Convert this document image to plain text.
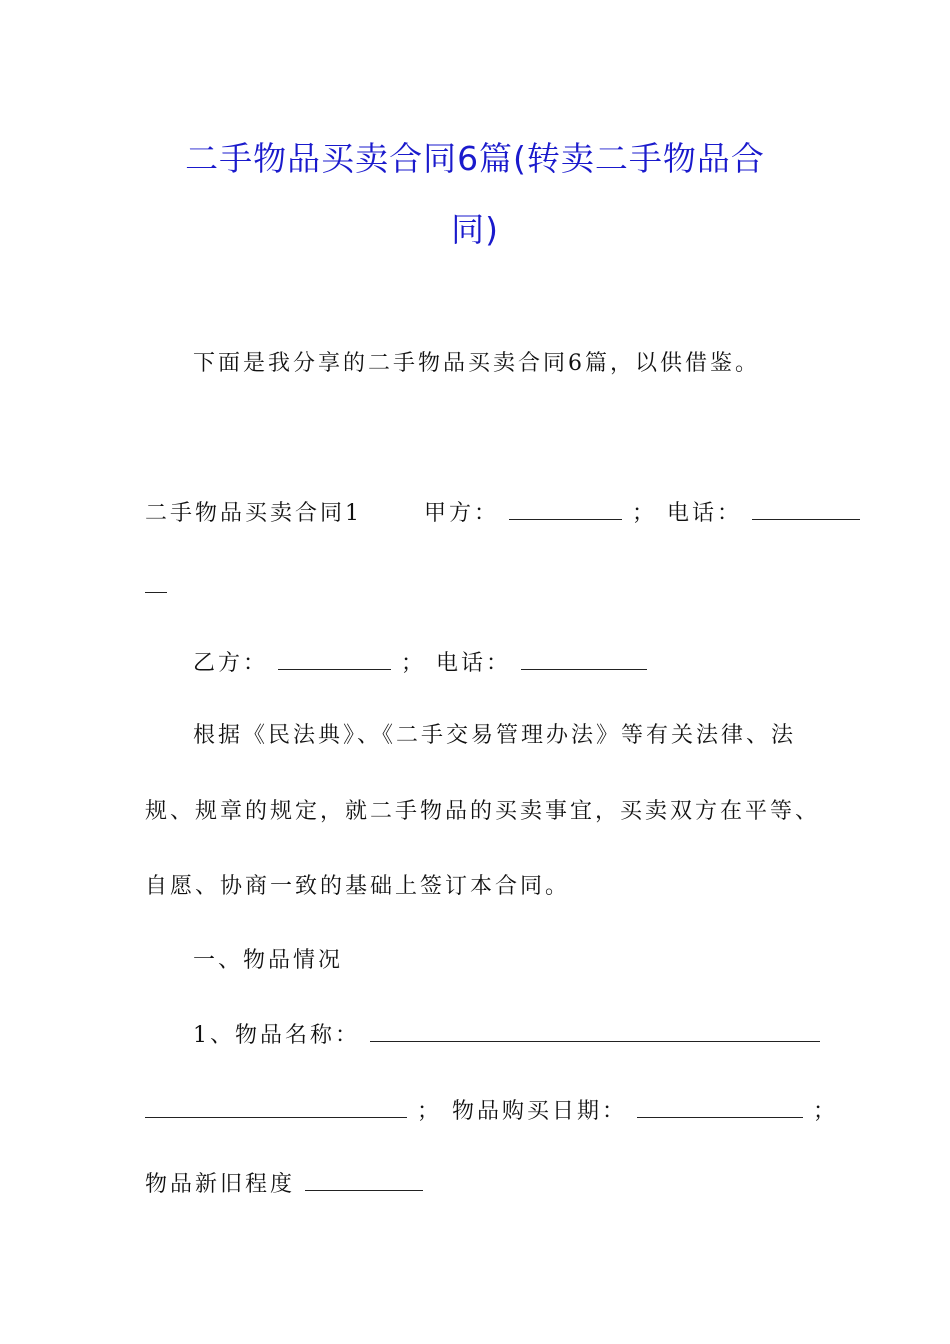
二手物品买卖合同6篇(转卖二手物品合
同)
下面是我分享的二手物品买卖合同6篇，以供借鉴。
二手物品买卖合同1	甲方：	； 电话：
乙方：	； 电话：
根据《民法典》、《二手交易管理办法》等有关法律、法
规、规章的规定，就二手物品的买卖事宜，买卖双方在平等、
自愿、协商一致的基础上签订本合同。
一、物品情况
1、物品名称：
； 物品购买日期：	；
物品新旧程度
